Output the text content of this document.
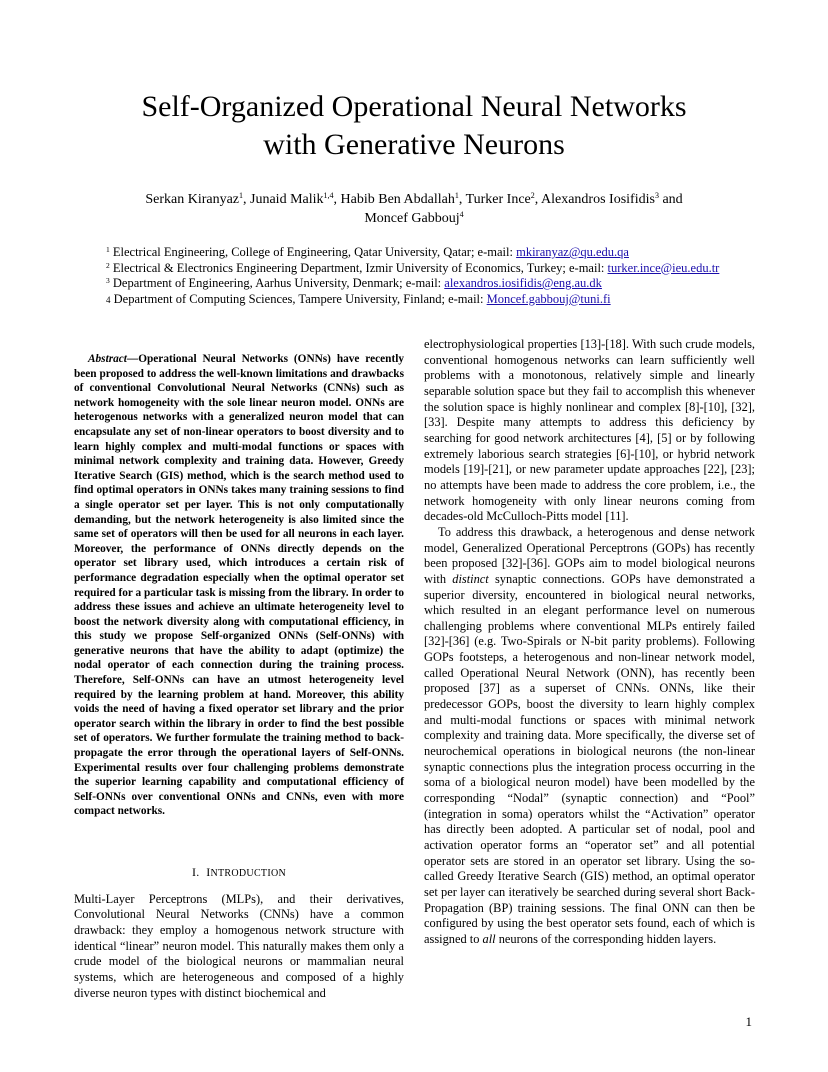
Self-Organized Operational Neural Networks
with Generative Neurons
Serkan Kiranyaz$^1$, Junaid Malik$^{1,4}$, Habib Ben Abdallah$^1$, Turker Ince$^2$, Alexandros Iosifidis$^3$ and
Moncef Gabbouj$^4$
$^1$ Electrical Engineering, College of Engineering, Qatar University, Qatar; e-mail: mkiranyaz@qu.edu.qa
$^2$ Electrical & Electronics Engineering Department, Izmir University of Economics, Turkey; e-mail: turker.ince@ieu.edu.tr
$^3$ Department of Engineering, Aarhus University, Denmark; e-mail: alexandros.iosifidis@eng.au.dk
4 Department of Computing Sciences, Tampere University, Finland; e-mail: Moncef.gabbouj@tuni.fi

Abstract—Operational Neural Networks (ONNs) have recently been proposed to address the well-known limitations and drawbacks of conventional Convolutional Neural Networks (CNNs) such as network homogeneity with the sole linear neuron model. ONNs are heterogenous networks with a generalized neuron model that can encapsulate any set of non-linear operators to boost diversity and to learn highly complex and multi-modal functions or spaces with minimal network complexity and training data. However, Greedy Iterative Search (GIS) method, which is the search method used to find optimal operators in ONNs takes many training sessions to find a single operator set per layer. This is not only computationally demanding, but the network heterogeneity is also limited since the same set of operators will then be used for all neurons in each layer. Moreover, the performance of ONNs directly depends on the operator set library used, which introduces a certain risk of performance degradation especially when the optimal operator set required for a particular task is missing from the library. In order to address these issues and achieve an ultimate heterogeneity level to boost the network diversity along with computational efficiency, in this study we propose Self-organized ONNs (Self-ONNs) with generative neurons that have the ability to adapt (optimize) the nodal operator of each connection during the training process. Therefore, Self-ONNs can have an utmost heterogeneity level required by the learning problem at hand. Moreover, this ability voids the need of having a fixed operator set library and the prior operator search within the library in order to find the best possible set of operators. We further formulate the training method to back-propagate the error through the operational layers of Self-ONNs. Experimental results over four challenging problems demonstrate the superior learning capability and computational efficiency of Self-ONNs over conventional ONNs and CNNs, even with more compact networks.

I. INTRODUCTION

Multi-Layer Perceptrons (MLPs), and their derivatives, Convolutional Neural Networks (CNNs) have a common drawback: they employ a homogenous network structure with identical “linear” neuron model. This naturally makes them only a crude model of the biological neurons or mammalian neural systems, which are heterogeneous and composed of a highly diverse neuron types with distinct biochemical and

electrophysiological properties [13]-[18]. With such crude models, conventional homogenous networks can learn sufficiently well problems with a monotonous, relatively simple and linearly separable solution space but they fail to accomplish this whenever the solution space is highly nonlinear and complex [8]-[10], [32], [33]. Despite many attempts to address this deficiency by searching for good network architectures [4], [5] or by following extremely laborious search strategies [6]-[10], or hybrid network models [19]-[21], or new parameter update approaches [22], [23]; no attempts have been made to address the core problem, i.e., the network homogeneity with only linear neurons coming from decades-old McCulloch-Pitts model [11].

To address this drawback, a heterogenous and dense network model, Generalized Operational Perceptrons (GOPs) has recently been proposed [32]-[36]. GOPs aim to model biological neurons with distinct synaptic connections. GOPs have demonstrated a superior diversity, encountered in biological neural networks, which resulted in an elegant performance level on numerous challenging problems where conventional MLPs entirely failed [32]-[36] (e.g. Two-Spirals or N-bit parity problems). Following GOPs footsteps, a heterogenous and non-linear network model, called Operational Neural Network (ONN), has recently been proposed [37] as a superset of CNNs. ONNs, like their predecessor GOPs, boost the diversity to learn highly complex and multi-modal functions or spaces with minimal network complexity and training data. More specifically, the diverse set of neurochemical operations in biological neurons (the non-linear synaptic connections plus the integration process occurring in the soma of a biological neuron model) have been modelled by the corresponding “Nodal” (synaptic connection) and “Pool” (integration in soma) operators whilst the “Activation” operator has directly been adopted. A particular set of nodal, pool and activation operator forms an “operator set” and all potential operator sets are stored in an operator set library. Using the so-called Greedy Iterative Search (GIS) method, an optimal operator set per layer can iteratively be searched during several short Back-Propagation (BP) training sessions. The final ONN can then be configured by using the best operator sets found, each of which is assigned to all neurons of the corresponding hidden layers.

1
